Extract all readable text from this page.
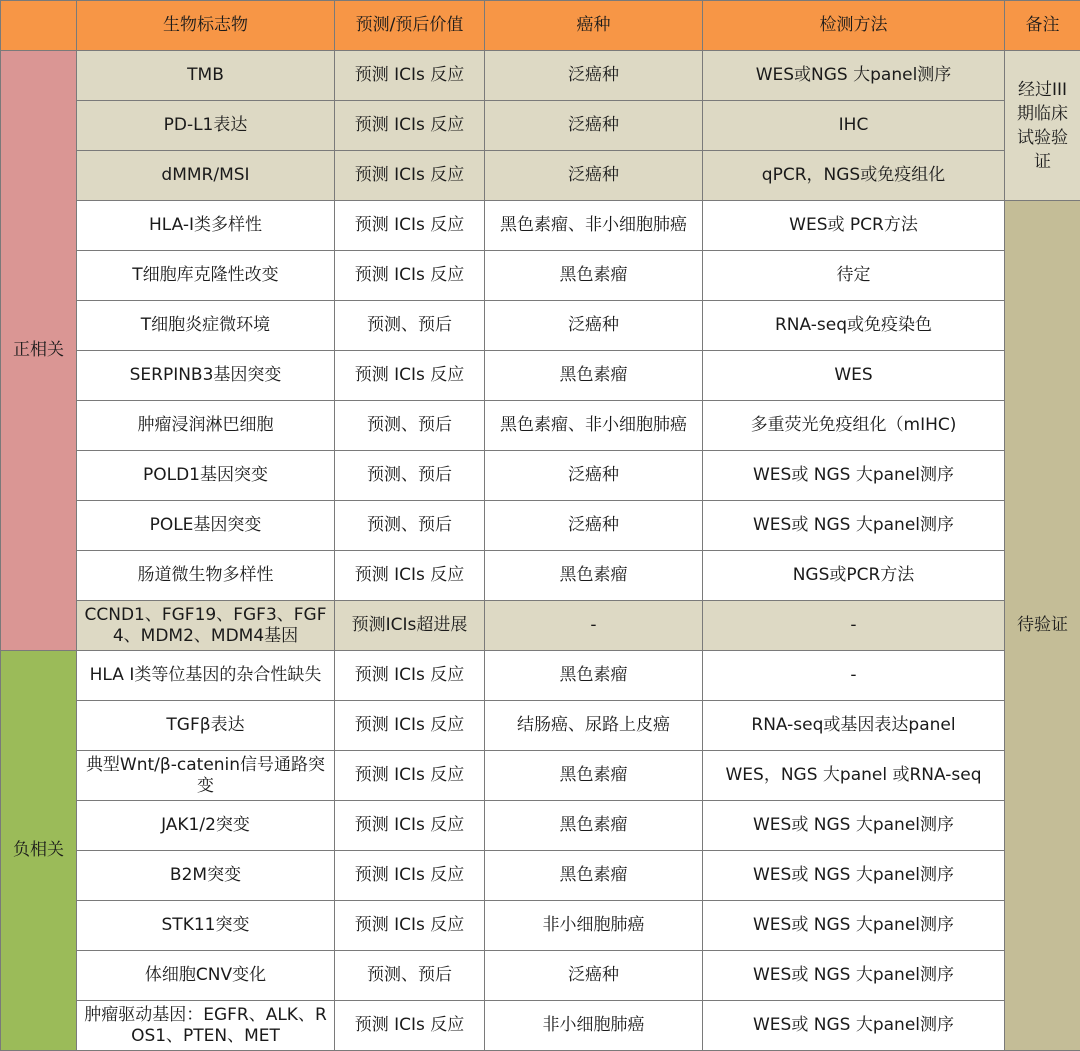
	生物标志物	预测/预后价值	癌种	检测方法	备注
正相关	TMB	预测 ICIs 反应	泛癌种	WES或NGS 大panel测序	经过III
期临床
试验验
证

	PD-L1表达	预测 ICIs 反应	泛癌种	IHC	
	dMMR/MSI	预测 ICIs 反应	泛癌种	qPCR，NGS或免疫组化	
	HLA-I类多样性	预测 ICIs 反应	黑色素瘤、非小细胞肺癌	WES或 PCR方法	待验证
	T细胞库克隆性改变	预测 ICIs 反应	黑色素瘤	待定	
	T细胞炎症微环境	预测、预后	泛癌种	RNA-seq或免疫染色	
	SERPINB3基因突变	预测 ICIs 反应	黑色素瘤	WES	
	肿瘤浸润淋巴细胞	预测、预后	黑色素瘤、非小细胞肺癌	多重荧光免疫组化（mIHC)	
	POLD1基因突变	预测、预后	泛癌种	WES或 NGS 大panel测序	
	POLE基因突变	预测、预后	泛癌种	WES或 NGS 大panel测序	
	肠道微生物多样性	预测 ICIs 反应	黑色素瘤	NGS或PCR方法	
	CCND1、FGF19、FGF3、FGF4、MDM2、MDM4基因	预测ICIs超进展	-	-	
负相关	HLA I类等位基因的杂合性缺失	预测 ICIs 反应	黑色素瘤	-	
	TGFβ表达	预测 ICIs 反应	结肠癌、尿路上皮癌	RNA-seq或基因表达panel	
	典型Wnt/β-catenin信号通路突变	预测 ICIs 反应	黑色素瘤	WES，NGS 大panel 或RNA-seq	
	JAK1/2突变	预测 ICIs 反应	黑色素瘤	WES或 NGS 大panel测序	
	B2M突变	预测 ICIs 反应	黑色素瘤	WES或 NGS 大panel测序	
	STK11突变	预测 ICIs 反应	非小细胞肺癌	WES或 NGS 大panel测序	
	体细胞CNV变化	预测、预后	泛癌种	WES或 NGS 大panel测序	
	肿瘤驱动基因：EGFR、ALK、ROS1、PTEN、MET	预测 ICIs 反应	非小细胞肺癌	WES或 NGS 大panel测序	
